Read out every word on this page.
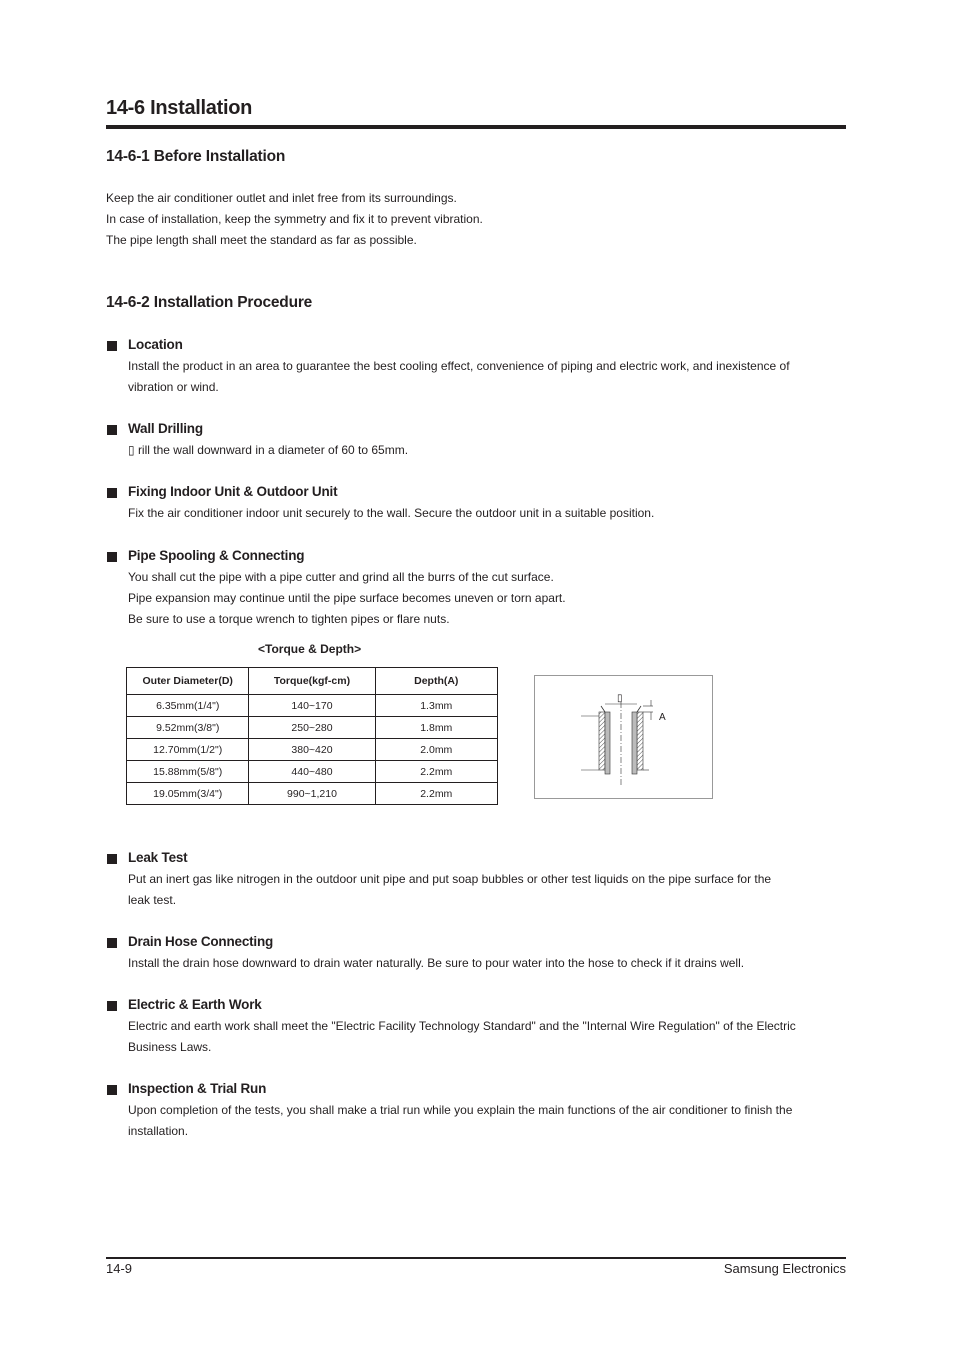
14-6 Installation
14-6-1 Before Installation
Keep the air conditioner outlet and inlet free from its surroundings.
In case of installation, keep the symmetry and fix it to prevent vibration.
The pipe length shall meet the standard as far as possible.
14-6-2 Installation Procedure
Location
Install the product in an area to guarantee the best cooling effect, convenience of piping and electric work, and inexistence of
vibration or wind.
Wall Drilling
▯ rill the wall downward in a diameter of 60 to 65mm.
Fixing Indoor Unit & Outdoor Unit
Fix the air conditioner indoor unit securely to the wall. Secure the outdoor unit in a suitable position.
Pipe Spooling & Connecting
You shall cut the pipe with a pipe cutter and grind all the burrs of the cut surface.
Pipe expansion may continue until the pipe surface becomes uneven or torn apart.
Be sure to use a torque wrench to tighten pipes or flare nuts.
<Torque & Depth>
Outer Diameter(D)	Torque(kgf-cm)	Depth(A)
6.35mm(1/4")	140~170	1.3mm
9.52mm(3/8")	250~280	1.8mm
12.70mm(1/2")	380~420	2.0mm
15.88mm(5/8")	440~480	2.2mm
19.05mm(3/4")	990~1,210	2.2mm
▯
A
Leak Test
Put an inert gas like nitrogen in the outdoor unit pipe and put soap bubbles or other test liquids on the pipe surface for the
leak test.
Drain Hose Connecting
Install the drain hose downward to drain water naturally. Be sure to pour water into the hose to check if it drains well.
Electric & Earth Work
Electric and earth work shall meet the "Electric Facility Technology Standard" and the "Internal Wire Regulation" of the Electric
Business Laws.
Inspection & Trial Run
Upon completion of the tests, you shall make a trial run while you explain the main functions of the air conditioner to finish the
installation.
14-9	Samsung Electronics
